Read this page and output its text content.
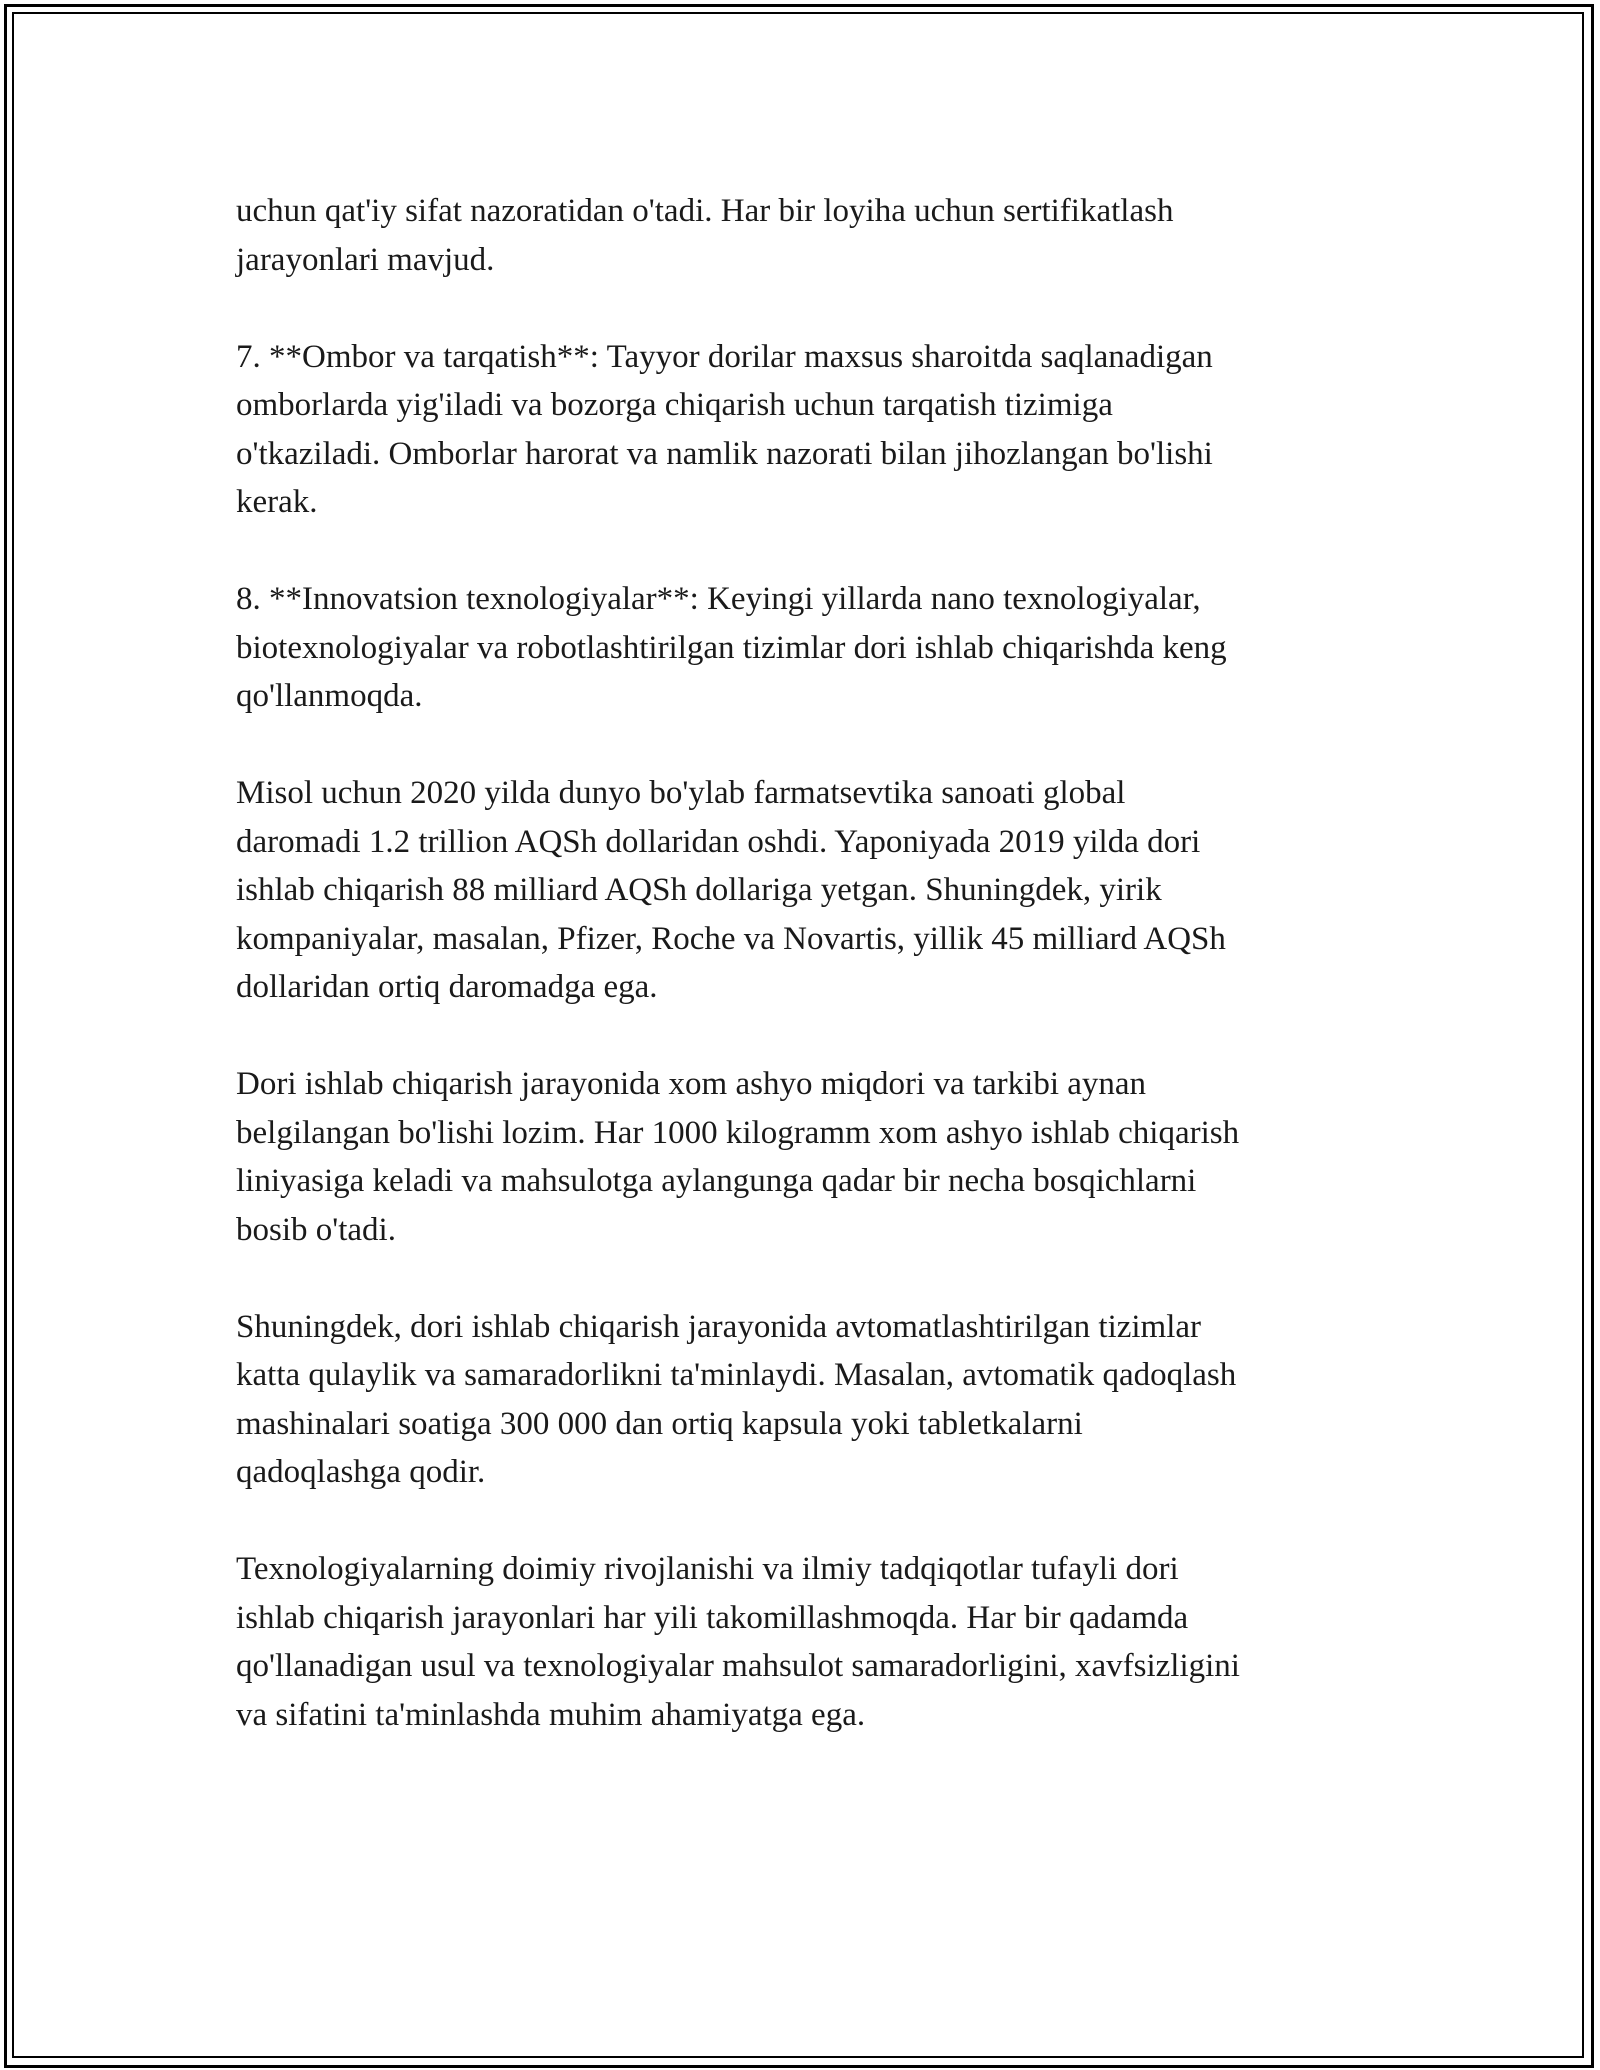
uchun qat'iy sifat nazoratidan o'tadi. Har bir loyiha uchun sertifikatlash
jarayonlari mavjud.

7. **Ombor va tarqatish**: Tayyor dorilar maxsus sharoitda saqlanadigan
omborlarda yig'iladi va bozorga chiqarish uchun tarqatish tizimiga
o'tkaziladi. Omborlar harorat va namlik nazorati bilan jihozlangan bo'lishi
kerak.

8. **Innovatsion texnologiyalar**: Keyingi yillarda nano texnologiyalar,
biotexnologiyalar va robotlashtirilgan tizimlar dori ishlab chiqarishda keng
qo'llanmoqda.

Misol uchun 2020 yilda dunyo bo'ylab farmatsevtika sanoati global
daromadi 1.2 trillion AQSh dollaridan oshdi. Yaponiyada 2019 yilda dori
ishlab chiqarish 88 milliard AQSh dollariga yetgan. Shuningdek, yirik
kompaniyalar, masalan, Pfizer, Roche va Novartis, yillik 45 milliard AQSh
dollaridan ortiq daromadga ega.

Dori ishlab chiqarish jarayonida xom ashyo miqdori va tarkibi aynan
belgilangan bo'lishi lozim. Har 1000 kilogramm xom ashyo ishlab chiqarish
liniyasiga keladi va mahsulotga aylangunga qadar bir necha bosqichlarni
bosib o'tadi.

Shuningdek, dori ishlab chiqarish jarayonida avtomatlashtirilgan tizimlar
katta qulaylik va samaradorlikni ta'minlaydi. Masalan, avtomatik qadoqlash
mashinalari soatiga 300 000 dan ortiq kapsula yoki tabletkalarni
qadoqlashga qodir.

Texnologiyalarning doimiy rivojlanishi va ilmiy tadqiqotlar tufayli dori
ishlab chiqarish jarayonlari har yili takomillashmoqda. Har bir qadamda
qo'llanadigan usul va texnologiyalar mahsulot samaradorligini, xavfsizligini
va sifatini ta'minlashda muhim ahamiyatga ega.
